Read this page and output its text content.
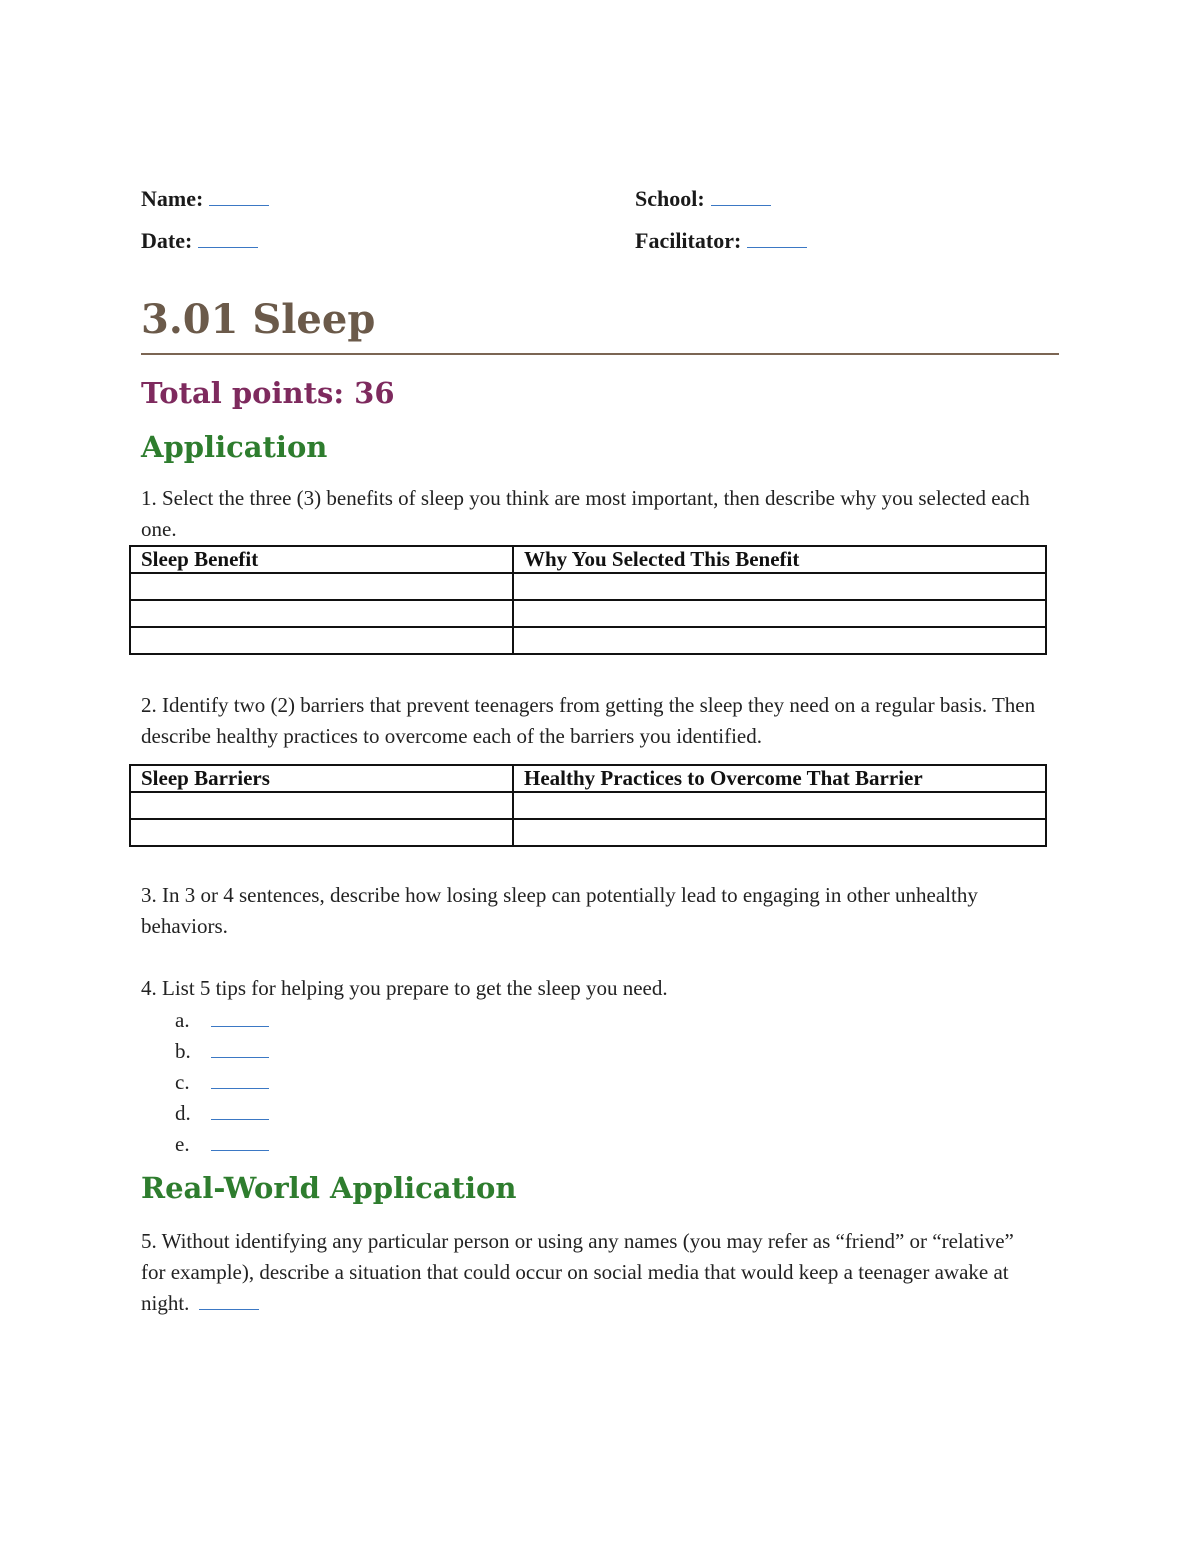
Name:	School:
Date:	Facilitator:
3.01 Sleep
Total points: 36
Application

1. Select the three (3) benefits of sleep you think are most important, then describe why you selected each one.

Sleep Benefit	Why You Selected This Benefit

2. Identify two (2) barriers that prevent teenagers from getting the sleep they need on a regular basis. Then describe healthy practices to overcome each of the barriers you identified.

Sleep Barriers	Healthy Practices to Overcome That Barrier

3. In 3 or 4 sentences, describe how losing sleep can potentially lead to engaging in other unhealthy behaviors.

4. List 5 tips for helping you prepare to get the sleep you need.

a.
b.
c.
d.
e.
Real-World Application

5. Without identifying any particular person or using any names (you may refer as “friend” or “relative” for example), describe a situation that could occur on social media that would keep a teenager awake at night.
